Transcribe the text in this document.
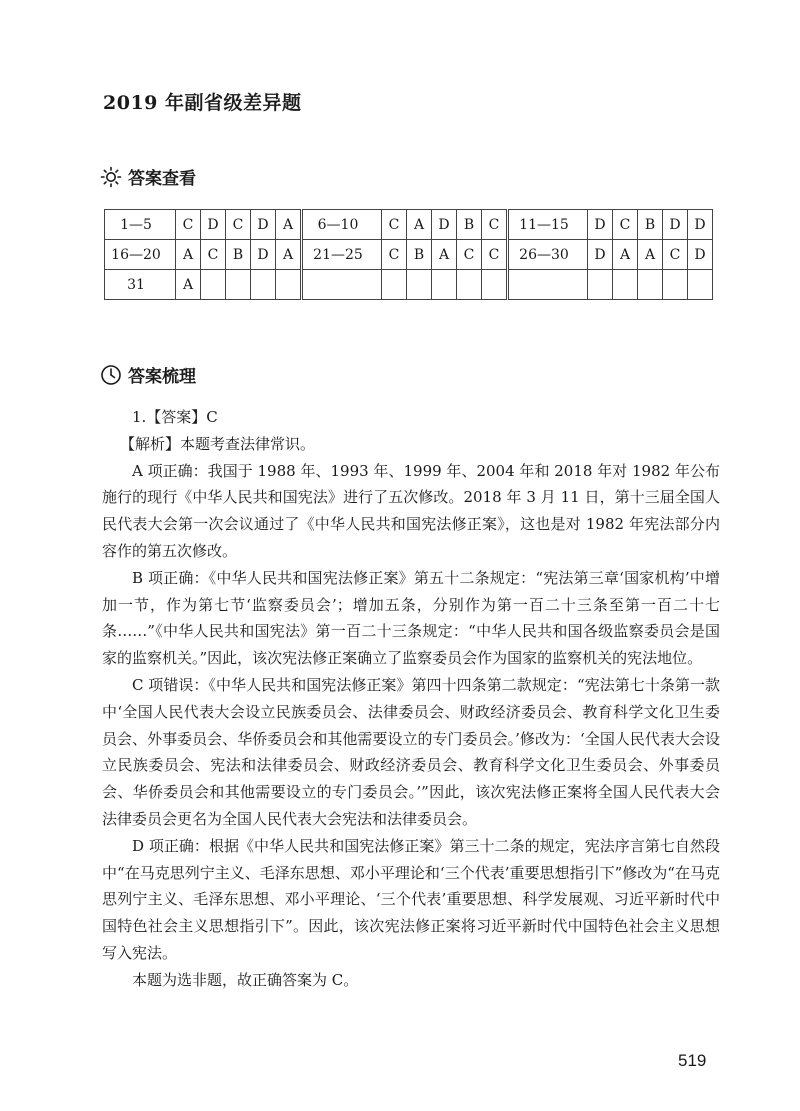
2019 年副省级差异题
答案查看
1—5	C	D	C	D	A	6—10	C	A	D	B	C	11—15	D	C	B	D	D
16—20	A	C	B	D	A	21—25	C	B	A	C	C	26—30	D	A	A	C	D
31	A																
答案梳理

1.【答案】C

【解析】本题考查法律常识。

A 项正确：我国于 1988 年、1993 年、1999 年、2004 年和 2018 年对 1982 年公布施行的现行《中华人民共和国宪法》进行了五次修改。2018 年 3 月 11 日，第十三届全国人民代表大会第一次会议通过了《中华人民共和国宪法修正案》，这也是对 1982 年宪法部分内容作的第五次修改。

B 项正确：《中华人民共和国宪法修正案》第五十二条规定：“宪法第三章‘国家机构’中增加一节，作为第七节‘监察委员会’；增加五条，分别作为第一百二十三条至第一百二十七条……”《中华人民共和国宪法》第一百二十三条规定：“中华人民共和国各级监察委员会是国家的监察机关。”因此，该次宪法修正案确立了监察委员会作为国家的监察机关的宪法地位。

C 项错误：《中华人民共和国宪法修正案》第四十四条第二款规定：“宪法第七十条第一款中‘全国人民代表大会设立民族委员会、法律委员会、财政经济委员会、教育科学文化卫生委员会、外事委员会、华侨委员会和其他需要设立的专门委员会。’修改为：‘全国人民代表大会设立民族委员会、宪法和法律委员会、财政经济委员会、教育科学文化卫生委员会、外事委员会、华侨委员会和其他需要设立的专门委员会。’”因此，该次宪法修正案将全国人民代表大会法律委员会更名为全国人民代表大会宪法和法律委员会。

D 项正确：根据《中华人民共和国宪法修正案》第三十二条的规定，宪法序言第七自然段中“在马克思列宁主义、毛泽东思想、邓小平理论和‘三个代表’重要思想指引下”修改为“在马克思列宁主义、毛泽东思想、邓小平理论、‘三个代表’重要思想、科学发展观、习近平新时代中国特色社会主义思想指引下”。因此，该次宪法修正案将习近平新时代中国特色社会主义思想写入宪法。

本题为选非题，故正确答案为 C。

519
